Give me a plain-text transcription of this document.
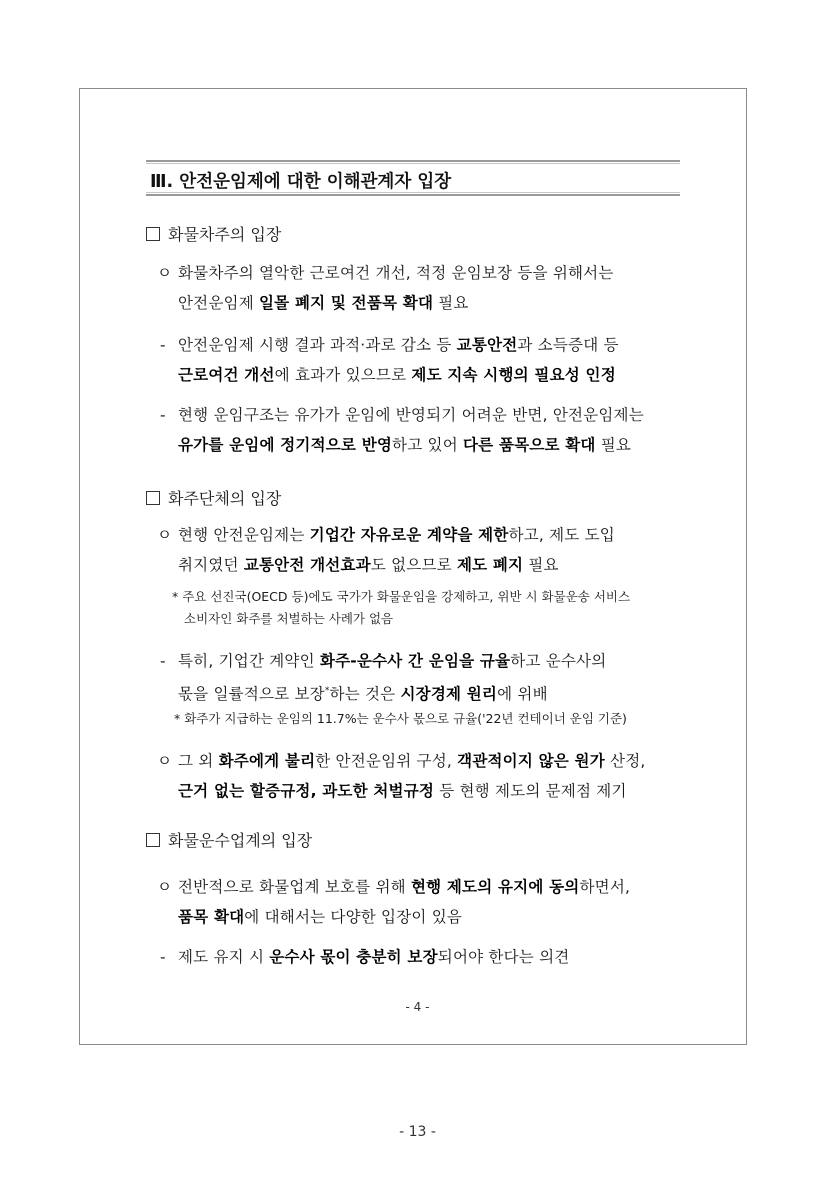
Ⅲ. 안전운임제에 대한 이해관계자 입장
화물차주의 입장
ㅇ 화물차주의 열악한 근로여건 개선, 적정 운임보장 등을 위해서는
안전운임제 일몰 폐지 및 전품목 확대 필요
- 안전운임제 시행 결과 과적·과로 감소 등 교통안전과 소득증대 등
근로여건 개선에 효과가 있으므로 제도 지속 시행의 필요성 인정
- 현행 운임구조는 유가가 운임에 반영되기 어려운 반면, 안전운임제는
유가를 운임에 정기적으로 반영하고 있어 다른 품목으로 확대 필요
화주단체의 입장
ㅇ 현행 안전운임제는 기업간 자유로운 계약을 제한하고, 제도 도입
취지였던 교통안전 개선효과도 없으므로 제도 폐지 필요
* 주요 선진국(OECD 등)에도 국가가 화물운임을 강제하고, 위반 시 화물운송 서비스
소비자인 화주를 처벌하는 사례가 없음
- 특히, 기업간 계약인 화주-운수사 간 운임을 규율하고 운수사의
몫을 일률적으로 보장*하는 것은 시장경제 원리에 위배
* 화주가 지급하는 운임의 11.7%는 운수사 몫으로 규율('22년 컨테이너 운임 기준)
ㅇ 그 외 화주에게 불리한 안전운임위 구성, 객관적이지 않은 원가 산정,
근거 없는 할증규정, 과도한 처벌규정 등 현행 제도의 문제점 제기
화물운수업계의 입장
ㅇ 전반적으로 화물업계 보호를 위해 현행 제도의 유지에 동의하면서,
품목 확대에 대해서는 다양한 입장이 있음
- 제도 유지 시 운수사 몫이 충분히 보장되어야 한다는 의견
- 4 -
- 13 -
